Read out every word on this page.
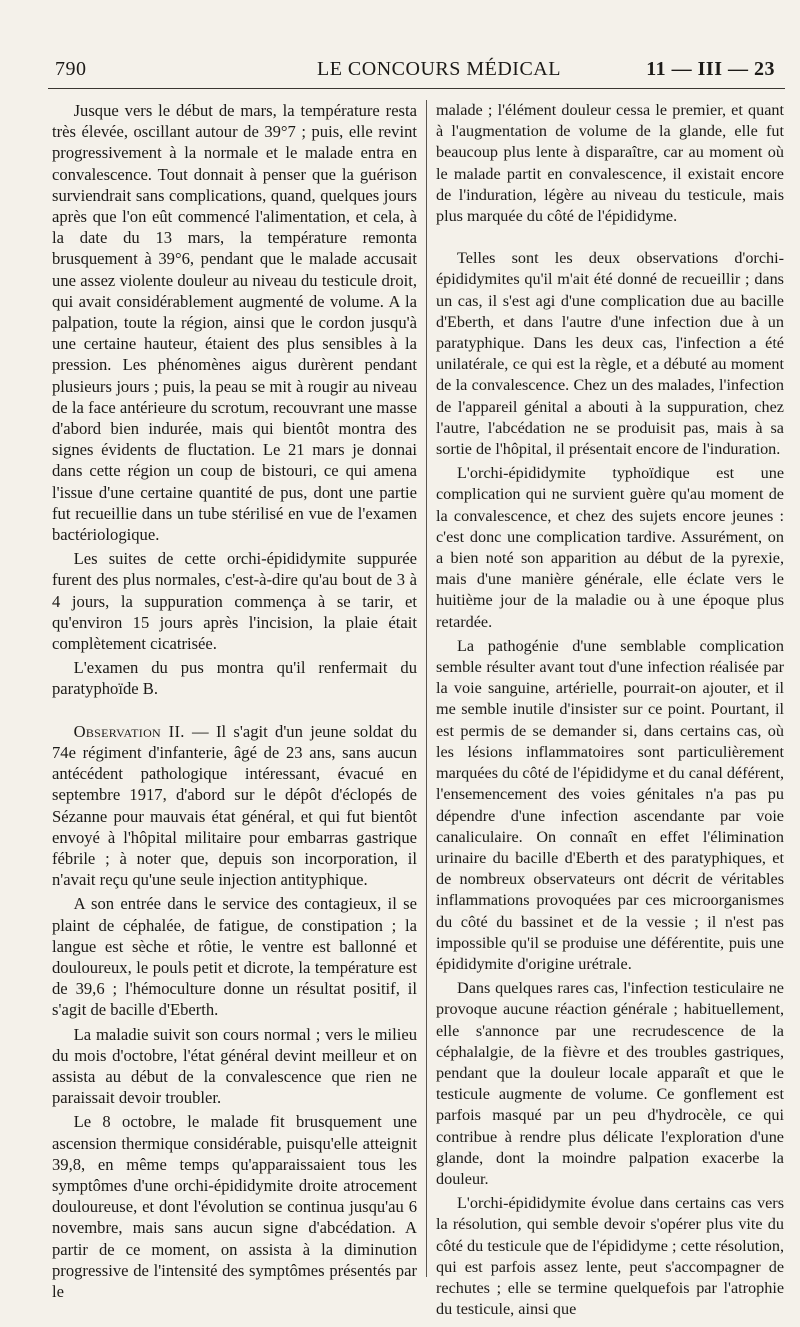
790	LE CONCOURS MÉDICAL	11 — III — 23

Jusque vers le début de mars, la température resta très élevée, oscillant autour de 39°7 ; puis, elle revint progressivement à la normale et le malade entra en convalescence. Tout donnait à penser que la guérison surviendrait sans complications, quand, quelques jours après que l'on eût commencé l'alimentation, et cela, à la date du 13 mars, la température remonta brusquement à 39°6, pendant que le malade accusait une assez violente douleur au niveau du testicule droit, qui avait considérablement augmenté de volume. A la palpation, toute la région, ainsi que le cordon jusqu'à une certaine hauteur, étaient des plus sensibles à la pression. Les phénomènes aigus durèrent pendant plusieurs jours ; puis, la peau se mit à rougir au niveau de la face antérieure du scrotum, recouvrant une masse d'abord bien indurée, mais qui bientôt montra des signes évidents de fluctation. Le 21 mars je donnai dans cette région un coup de bistouri, ce qui amena l'issue d'une certaine quantité de pus, dont une partie fut recueillie dans un tube stérilisé en vue de l'examen bactériologique.

Les suites de cette orchi-épididymite suppurée furent des plus normales, c'est-à-dire qu'au bout de 3 à 4 jours, la suppuration commença à se tarir, et qu'environ 15 jours après l'incision, la plaie était complètement cicatrisée.

L'examen du pus montra qu'il renfermait du paratyphoïde B.

Observation II. — Il s'agit d'un jeune soldat du 74e régiment d'infanterie, âgé de 23 ans, sans aucun antécédent pathologique intéressant, évacué en septembre 1917, d'abord sur le dépôt d'éclopés de Sézanne pour mauvais état général, et qui fut bientôt envoyé à l'hôpital militaire pour embarras gastrique fébrile ; à noter que, depuis son incorporation, il n'avait reçu qu'une seule injection antityphique.

A son entrée dans le service des contagieux, il se plaint de céphalée, de fatigue, de constipation ; la langue est sèche et rôtie, le ventre est ballonné et douloureux, le pouls petit et dicrote, la température est de 39,6 ; l'hémoculture donne un résultat positif, il s'agit de bacille d'Eberth.

La maladie suivit son cours normal ; vers le milieu du mois d'octobre, l'état général devint meilleur et on assista au début de la convalescence que rien ne paraissait devoir troubler.

Le 8 octobre, le malade fit brusquement une ascension thermique considérable, puisqu'elle atteignit 39,8, en même temps qu'apparaissaient tous les symptômes d'une orchi-épididymite droite atrocement douloureuse, et dont l'évolution se continua jusqu'au 6 novembre, mais sans aucun signe d'abcédation. A partir de ce moment, on assista à la diminution progressive de l'intensité des symptômes présentés par le

malade ; l'élément douleur cessa le premier, et quant à l'augmentation de volume de la glande, elle fut beaucoup plus lente à disparaître, car au moment où le malade partit en convalescence, il existait encore de l'induration, légère au niveau du testicule, mais plus marquée du côté de l'épididyme.

Telles sont les deux observations d'orchi-épididymites qu'il m'ait été donné de recueillir ; dans un cas, il s'est agi d'une complication due au bacille d'Eberth, et dans l'autre d'une infection due à un paratyphique. Dans les deux cas, l'infection a été unilatérale, ce qui est la règle, et a débuté au moment de la convalescence. Chez un des malades, l'infection de l'appareil génital a abouti à la suppuration, chez l'autre, l'abcédation ne se produisit pas, mais à sa sortie de l'hôpital, il présentait encore de l'induration.

L'orchi-épididymite typhoïdique est une complication qui ne survient guère qu'au moment de la convalescence, et chez des sujets encore jeunes : c'est donc une complication tardive. Assurément, on a bien noté son apparition au début de la pyrexie, mais d'une manière générale, elle éclate vers le huitième jour de la maladie ou à une époque plus retardée.

La pathogénie d'une semblable complication semble résulter avant tout d'une infection réalisée par la voie sanguine, artérielle, pourrait-on ajouter, et il me semble inutile d'insister sur ce point. Pourtant, il est permis de se demander si, dans certains cas, où les lésions inflammatoires sont particulièrement marquées du côté de l'épididyme et du canal déférent, l'ensemencement des voies génitales n'a pas pu dépendre d'une infection ascendante par voie canaliculaire. On connaît en effet l'élimination urinaire du bacille d'Eberth et des paratyphiques, et de nombreux observateurs ont décrit de véritables inflammations provoquées par ces microorganismes du côté du bassinet et de la vessie ; il n'est pas impossible qu'il se produise une déférentite, puis une épididymite d'origine urétrale.

Dans quelques rares cas, l'infection testiculaire ne provoque aucune réaction générale ; habituellement, elle s'annonce par une recrudescence de la céphalalgie, de la fièvre et des troubles gastriques, pendant que la douleur locale apparaît et que le testicule augmente de volume. Ce gonflement est parfois masqué par un peu d'hydrocèle, ce qui contribue à rendre plus délicate l'exploration d'une glande, dont la moindre palpation exacerbe la douleur.

L'orchi-épididymite évolue dans certains cas vers la résolution, qui semble devoir s'opérer plus vite du côté du testicule que de l'épididyme ; cette résolution, qui est parfois assez lente, peut s'accompagner de rechutes ; elle se termine quelquefois par l'atrophie du testicule, ainsi que
